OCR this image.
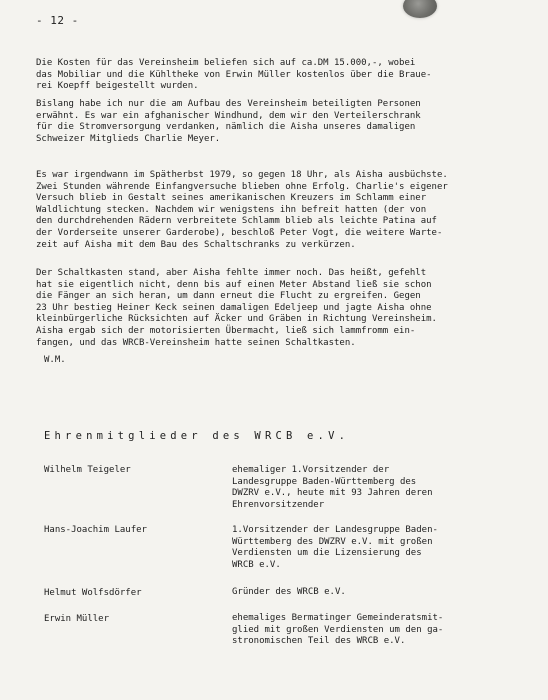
- 12 -
Die Kosten für das Vereinsheim beliefen sich auf ca.DM 15.000,-, wobei
das Mobiliar und die Kühltheke von Erwin Müller kostenlos über die Braue-
rei Koepff beigestellt wurden.
Bislang habe ich nur die am Aufbau des Vereinsheim beteiligten Personen
erwähnt. Es war ein afghanischer Windhund, dem wir den Verteilerschrank
für die Stromversorgung verdanken, nämlich die Aisha unseres damaligen
Schweizer Mitglieds Charlie Meyer.
Es war irgendwann im Spätherbst 1979, so gegen 18 Uhr, als Aisha ausbüchste.
Zwei Stunden währende Einfangversuche blieben ohne Erfolg. Charlie's eigener
Versuch blieb in Gestalt seines amerikanischen Kreuzers im Schlamm einer
Waldlichtung stecken. Nachdem wir wenigstens ihn befreit hatten (der von
den durchdrehenden Rädern verbreitete Schlamm blieb als leichte Patina auf
der Vorderseite unserer Garderobe), beschloß Peter Vogt, die weitere Warte-
zeit auf Aisha mit dem Bau des Schaltschranks zu verkürzen.
Der Schaltkasten stand, aber Aisha fehlte immer noch. Das heißt, gefehlt
hat sie eigentlich nicht, denn bis auf einen Meter Abstand ließ sie schon
die Fänger an sich heran, um dann erneut die Flucht zu ergreifen. Gegen
23 Uhr bestieg Heiner Keck seinen damaligen Edeljeep und jagte Aisha ohne
kleinbürgerliche Rücksichten auf Äcker und Gräben in Richtung Vereinsheim.
Aisha ergab sich der motorisierten Übermacht, ließ sich lammfromm ein-
fangen, und das WRCB-Vereinsheim hatte seinen Schaltkasten.
W.M.
Ehrenmitglieder des WRCB e.V.
Wilhelm Teigeler	ehemaliger 1.Vorsitzender der
Landesgruppe Baden-Württemberg des
DWZRV e.V., heute mit 93 Jahren deren
Ehrenvorsitzender
Hans-Joachim Laufer	1.Vorsitzender der Landesgruppe Baden-
Württemberg des DWZRV e.V. mit großen
Verdiensten um die Lizensierung des
WRCB e.V.
Helmut Wolfsdörfer	Gründer des WRCB e.V.
Erwin Müller	ehemaliges Bermatinger Gemeinderatsmit-
glied mit großen Verdiensten um den ga-
stronomischen Teil des WRCB e.V.
